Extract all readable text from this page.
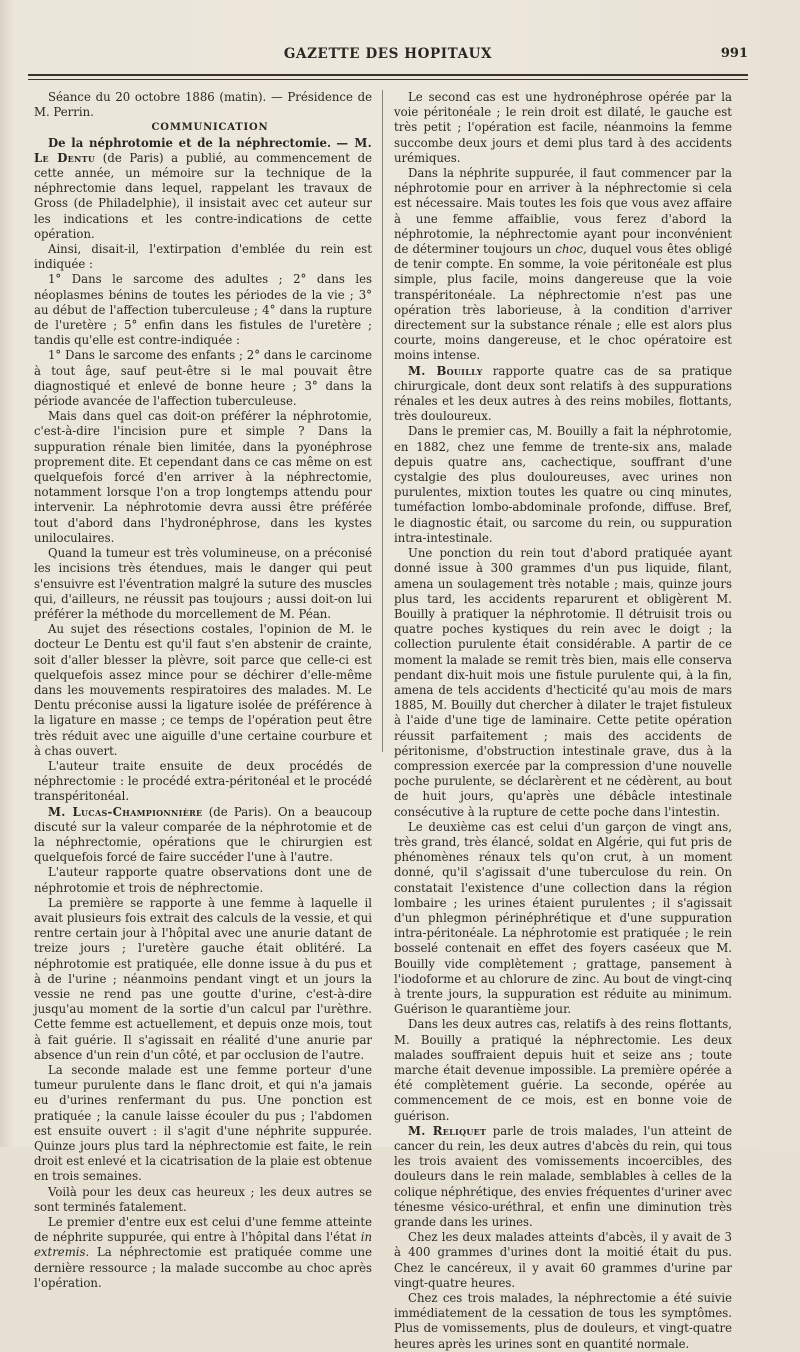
GAZETTE DES HOPITAUX	991

Séance du 20 octobre 1886 (matin). — Présidence de M. Perrin.

COMMUNICATION

De la néphrotomie et de la néphrectomie. — M. Le Dentu (de Paris) a publié, au commencement de cette année, un mémoire sur la technique de la néphrectomie dans lequel, rappelant les travaux de Gross (de Philadelphie), il insistait avec cet auteur sur les indications et les contre-indications de cette opération.

Ainsi, disait-il, l'extirpation d'emblée du rein est indiquée :

1° Dans le sarcome des adultes ; 2° dans les néoplasmes bénins de toutes les périodes de la vie ; 3° au début de l'affection tuberculeuse ; 4° dans la rupture de l'uretère ; 5° enfin dans les fistules de l'uretère ; tandis qu'elle est contre-indiquée :

1° Dans le sarcome des enfants ; 2° dans le carcinome à tout âge, sauf peut-être si le mal pouvait être diagnostiqué et enlevé de bonne heure ; 3° dans la période avancée de l'affection tuberculeuse.

Mais dans quel cas doit-on préférer la néphrotomie, c'est-à-dire l'incision pure et simple ? Dans la suppuration rénale bien limitée, dans la pyonéphrose proprement dite. Et cependant dans ce cas même on est quelquefois forcé d'en arriver à la néphrectomie, notamment lorsque l'on a trop longtemps attendu pour intervenir. La néphrotomie devra aussi être préférée tout d'abord dans l'hydronéphrose, dans les kystes uniloculaires.

Quand la tumeur est très volumineuse, on a préconisé les incisions très étendues, mais le danger qui peut s'ensuivre est l'éventration malgré la suture des muscles qui, d'ailleurs, ne réussit pas toujours ; aussi doit-on lui préférer la méthode du morcellement de M. Péan.

Au sujet des résections costales, l'opinion de M. le docteur Le Dentu est qu'il faut s'en abstenir de crainte, soit d'aller blesser la plèvre, soit parce que celle-ci est quelquefois assez mince pour se déchirer d'elle-même dans les mouvements respiratoires des malades. M. Le Dentu préconise aussi la ligature isolée de préférence à la ligature en masse ; ce temps de l'opération peut être très réduit avec une aiguille d'une certaine courbure et à chas ouvert.

L'auteur traite ensuite de deux procédés de néphrectomie : le procédé extra-péritonéal et le procédé transpéritonéal.

M. Lucas-Championnière (de Paris). On a beaucoup discuté sur la valeur comparée de la néphrotomie et de la néphrectomie, opérations que le chirurgien est quelquefois forcé de faire succéder l'une à l'autre.

L'auteur rapporte quatre observations dont une de néphrotomie et trois de néphrectomie.

La première se rapporte à une femme à laquelle il avait plusieurs fois extrait des calculs de la vessie, et qui rentre certain jour à l'hôpital avec une anurie datant de treize jours ; l'uretère gauche était oblitéré. La néphrotomie est pratiquée, elle donne issue à du pus et à de l'urine ; néanmoins pendant vingt et un jours la vessie ne rend pas une goutte d'urine, c'est-à-dire jusqu'au moment de la sortie d'un calcul par l'urèthre. Cette femme est actuellement, et depuis onze mois, tout à fait guérie. Il s'agissait en réalité d'une anurie par absence d'un rein d'un côté, et par occlusion de l'autre.

La seconde malade est une femme porteur d'une tumeur purulente dans le flanc droit, et qui n'a jamais eu d'urines renfermant du pus. Une ponction est pratiquée ; la canule laisse écouler du pus ; l'abdomen est ensuite ouvert : il s'agit d'une néphrite suppurée. Quinze jours plus tard la néphrectomie est faite, le rein droit est enlevé et la cicatrisation de la plaie est obtenue en trois semaines.

Voilà pour les deux cas heureux ; les deux autres se sont terminés fatalement.

Le premier d'entre eux est celui d'une femme atteinte de néphrite suppurée, qui entre à l'hôpital dans l'état in extremis. La néphrectomie est pratiquée comme une dernière ressource ; la malade succombe au choc après l'opération.

Le second cas est une hydronéphrose opérée par la voie péritonéale ; le rein droit est dilaté, le gauche est très petit ; l'opération est facile, néanmoins la femme succombe deux jours et demi plus tard à des accidents urémiques.

Dans la néphrite suppurée, il faut commencer par la néphrotomie pour en arriver à la néphrectomie si cela est nécessaire. Mais toutes les fois que vous avez affaire à une femme affaiblie, vous ferez d'abord la néphrotomie, la néphrectomie ayant pour inconvénient de déterminer toujours un choc, duquel vous êtes obligé de tenir compte. En somme, la voie péritonéale est plus simple, plus facile, moins dangereuse que la voie transpéritonéale. La néphrectomie n'est pas une opération très laborieuse, à la condition d'arriver directement sur la substance rénale ; elle est alors plus courte, moins dangereuse, et le choc opératoire est moins intense.

M. Bouilly rapporte quatre cas de sa pratique chirurgicale, dont deux sont relatifs à des suppurations rénales et les deux autres à des reins mobiles, flottants, très douloureux.

Dans le premier cas, M. Bouilly a fait la néphrotomie, en 1882, chez une femme de trente-six ans, malade depuis quatre ans, cachectique, souffrant d'une cystalgie des plus douloureuses, avec urines non purulentes, mixtion toutes les quatre ou cinq minutes, tuméfaction lombo-abdominale profonde, diffuse. Bref, le diagnostic était, ou sarcome du rein, ou suppuration intra-intestinale.

Une ponction du rein tout d'abord pratiquée ayant donné issue à 300 grammes d'un pus liquide, filant, amena un soulagement très notable ; mais, quinze jours plus tard, les accidents reparurent et obligèrent M. Bouilly à pratiquer la néphrotomie. Il détruisit trois ou quatre poches kystiques du rein avec le doigt ; la collection purulente était considérable. A partir de ce moment la malade se remit très bien, mais elle conserva pendant dix-huit mois une fistule purulente qui, à la fin, amena de tels accidents d'hecticité qu'au mois de mars 1885, M. Bouilly dut chercher à dilater le trajet fistuleux à l'aide d'une tige de laminaire. Cette petite opération réussit parfaitement ; mais des accidents de péritonisme, d'obstruction intestinale grave, dus à la compression exercée par la compression d'une nouvelle poche purulente, se déclarèrent et ne cédèrent, au bout de huit jours, qu'après une débâcle intestinale consécutive à la rupture de cette poche dans l'intestin.

Le deuxième cas est celui d'un garçon de vingt ans, très grand, très élancé, soldat en Algérie, qui fut pris de phénomènes rénaux tels qu'on crut, à un moment donné, qu'il s'agissait d'une tuberculose du rein. On constatait l'existence d'une collection dans la région lombaire ; les urines étaient purulentes ; il s'agissait d'un phlegmon périnéphrétique et d'une suppuration intra-péritonéale. La néphrotomie est pratiquée ; le rein bosselé contenait en effet des foyers caséeux que M. Bouilly vide complètement ; grattage, pansement à l'iodoforme et au chlorure de zinc. Au bout de vingt-cinq à trente jours, la suppuration est réduite au minimum. Guérison le quarantième jour.

Dans les deux autres cas, relatifs à des reins flottants, M. Bouilly a pratiqué la néphrectomie. Les deux malades souffraient depuis huit et seize ans ; toute marche était devenue impossible. La première opérée a été complètement guérie. La seconde, opérée au commencement de ce mois, est en bonne voie de guérison.

M. Reliquet parle de trois malades, l'un atteint de cancer du rein, les deux autres d'abcès du rein, qui tous les trois avaient des vomissements incoercibles, des douleurs dans le rein malade, semblables à celles de la colique néphrétique, des envies fréquentes d'uriner avec ténesme vésico-uréthral, et enfin une diminution très grande dans les urines.

Chez les deux malades atteints d'abcès, il y avait de 3 à 400 grammes d'urines dont la moitié était du pus. Chez le cancéreux, il y avait 60 grammes d'urine par vingt-quatre heures.

Chez ces trois malades, la néphrectomie a été suivie immédiatement de la cessation de tous les symptômes. Plus de vomissements, plus de douleurs, et vingt-quatre heures après les urines sont en quantité normale.
